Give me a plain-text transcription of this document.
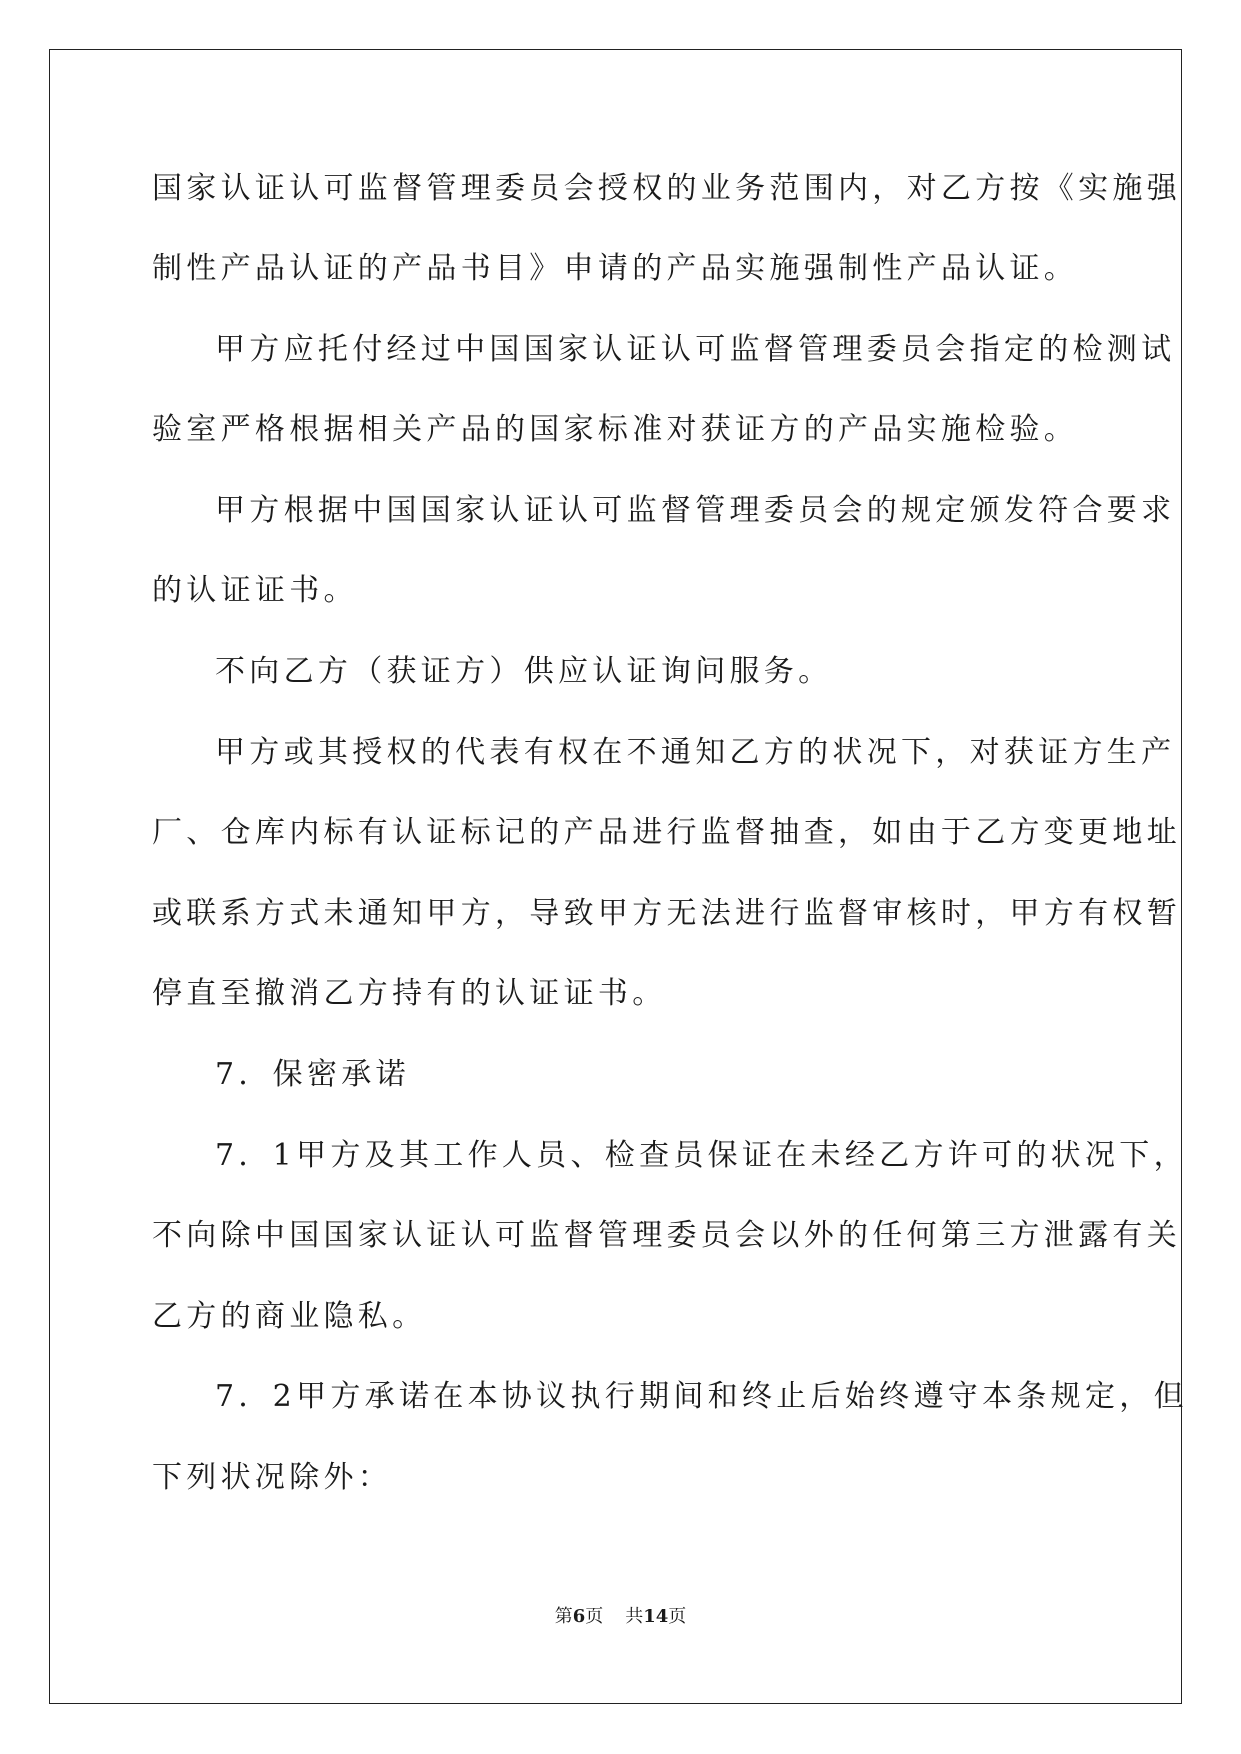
国家认证认可监督管理委员会授权的业务范围内，对乙方按《实施强
制性产品认证的产品书目》申请的产品实施强制性产品认证。
甲方应托付经过中国国家认证认可监督管理委员会指定的检测试
验室严格根据相关产品的国家标准对获证方的产品实施检验。
甲方根据中国国家认证认可监督管理委员会的规定颁发符合要求
的认证证书。
不向乙方（获证方）供应认证询问服务。
甲方或其授权的代表有权在不通知乙方的状况下，对获证方生产
厂、仓库内标有认证标记的产品进行监督抽查，如由于乙方变更地址
或联系方式未通知甲方，导致甲方无法进行监督审核时，甲方有权暂
停直至撤消乙方持有的认证证书。
7．保密承诺
7．1甲方及其工作人员、检查员保证在未经乙方许可的状况下，
不向除中国国家认证认可监督管理委员会以外的任何第三方泄露有关
乙方的商业隐私。
7．2甲方承诺在本协议执行期间和终止后始终遵守本条规定，但
下列状况除外：
第6页 共14页
